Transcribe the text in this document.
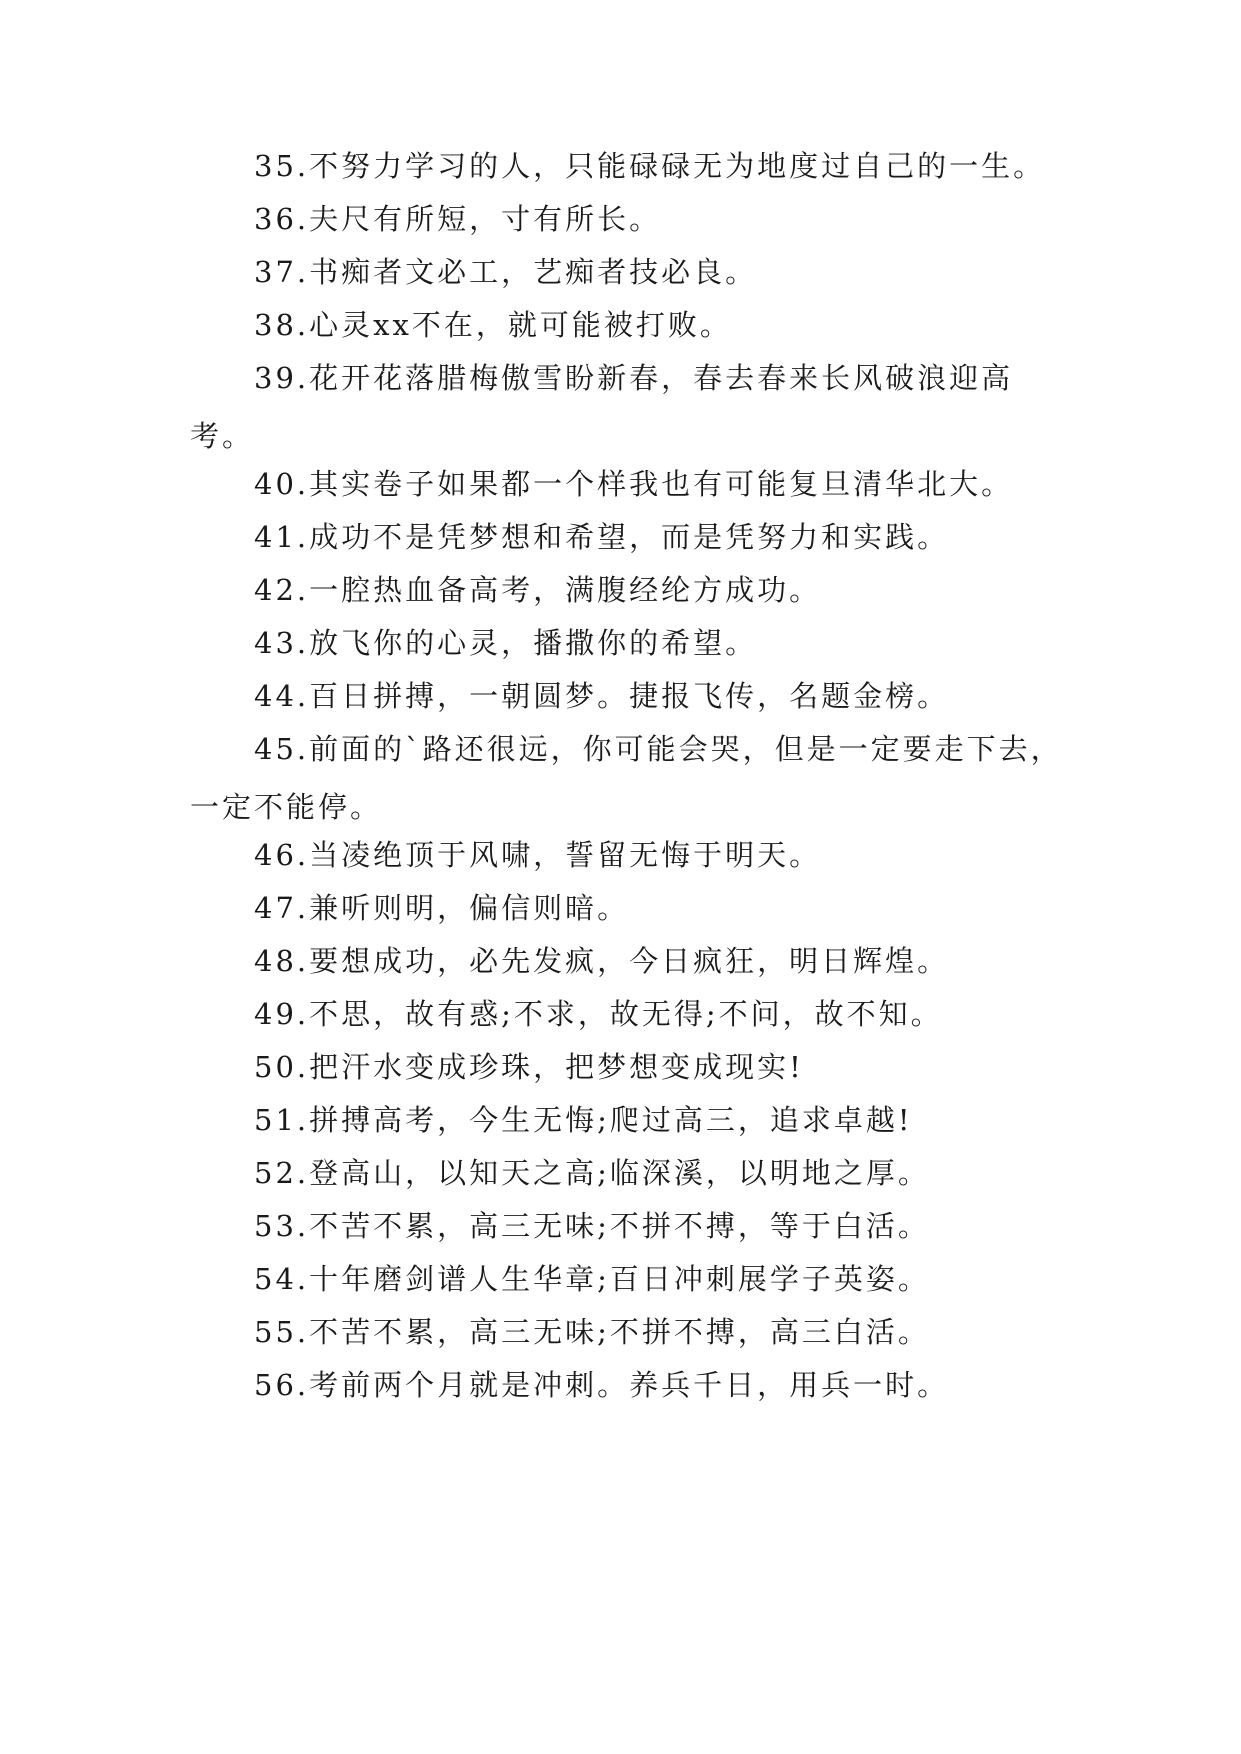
35.不努力学习的人，只能碌碌无为地度过自己的一生。

36.夫尺有所短，寸有所长。

37.书痴者文必工，艺痴者技必良。

38.心灵xx不在，就可能被打败。

39.花开花落腊梅傲雪盼新春，春去春来长风破浪迎高考。

40.其实卷子如果都一个样我也有可能复旦清华北大。

41.成功不是凭梦想和希望，而是凭努力和实践。

42.一腔热血备高考，满腹经纶方成功。

43.放飞你的心灵，播撒你的希望。

44.百日拼搏，一朝圆梦。捷报飞传，名题金榜。

45.前面的`路还很远，你可能会哭，但是一定要走下去，一定不能停。

46.当凌绝顶于风啸，誓留无悔于明天。

47.兼听则明，偏信则暗。

48.要想成功，必先发疯，今日疯狂，明日辉煌。

49.不思，故有惑;不求，故无得;不问，故不知。

50.把汗水变成珍珠，把梦想变成现实!

51.拼搏高考，今生无悔;爬过高三，追求卓越!

52.登高山，以知天之高;临深溪，以明地之厚。

53.不苦不累，高三无味;不拼不搏，等于白活。

54.十年磨剑谱人生华章;百日冲刺展学子英姿。

55.不苦不累，高三无味;不拼不搏，高三白活。

56.考前两个月就是冲刺。养兵千日，用兵一时。
